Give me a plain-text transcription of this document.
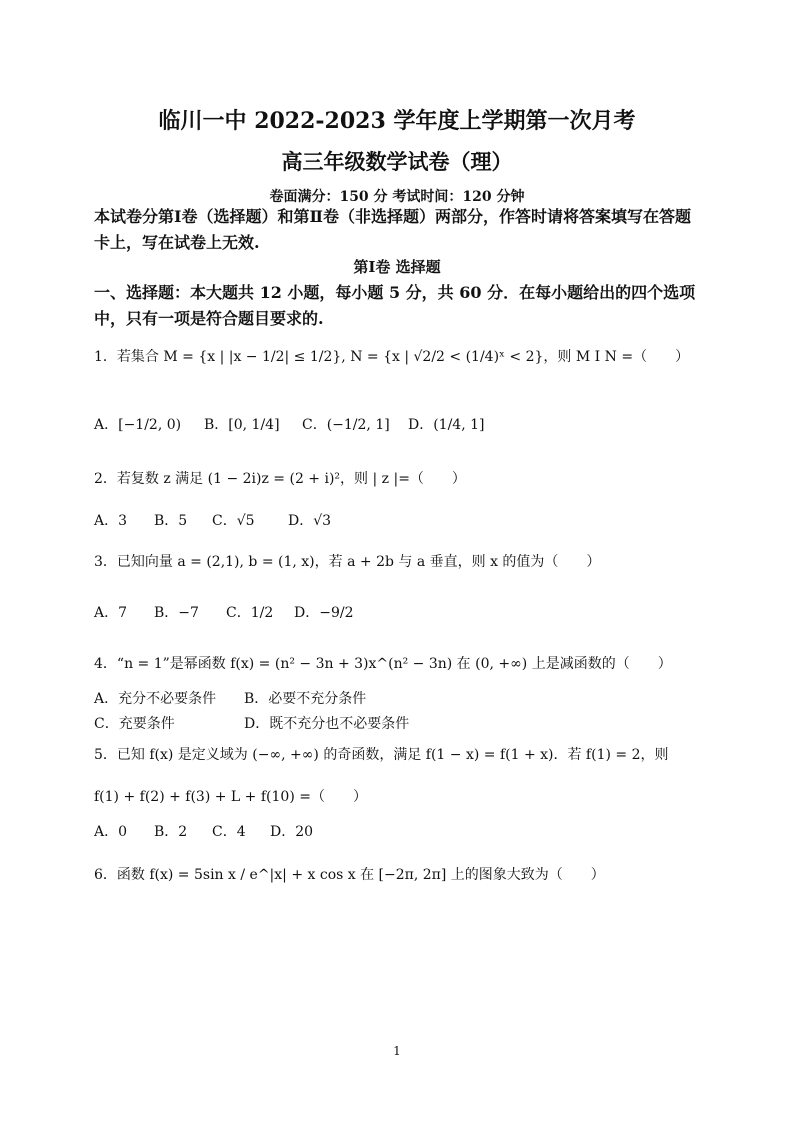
临川一中 2022-2023 学年度上学期第一次月考
高三年级数学试卷（理）
卷面满分：150 分 考试时间：120 分钟
本试卷分第Ⅰ卷（选择题）和第Ⅱ卷（非选择题）两部分，作答时请将答案填写在答题卡上，写在试卷上无效.
第Ⅰ卷 选择题
一、选择题：本大题共 12 小题，每小题 5 分，共 60 分．在每小题给出的四个选项中，只有一项是符合题目要求的.
1．若集合 M = {x | |x − 1/2| ≤ 1/2}, N = {x | √2/2 < (1/4)ˣ < 2}，则 M I N =（　　）
A．[−1/2, 0) B．[0, 1/4] C．(−1/2, 1] D．(1/4, 1]
2．若复数 z 满足 (1 − 2i)z = (2 + i)²，则 | z |=（　　）
A．3 B．5 C．√5 D．√3
3．已知向量 a = (2,1), b = (1, x)，若 a + 2b 与 a 垂直，则 x 的值为（　　）
A．7 B．−7 C．1/2 D．−9/2
4．“n = 1”是幂函数 f(x) = (n² − 3n + 3)x^(n² − 3n) 在 (0, +∞) 上是减函数的（　　）
A．充分不必要条件 B．必要不充分条件
C．充要条件	D．既不充分也不必要条件
5．已知 f(x) 是定义域为 (−∞, +∞) 的奇函数，满足 f(1 − x) = f(1 + x)．若 f(1) = 2，则
f(1) + f(2) + f(3) + L + f(10) =（　　）
A．0 B．2 C．4 D．20
6．函数 f(x) = 5sin x / e^|x| + x cos x 在 [−2π, 2π] 上的图象大致为（　　）
1
